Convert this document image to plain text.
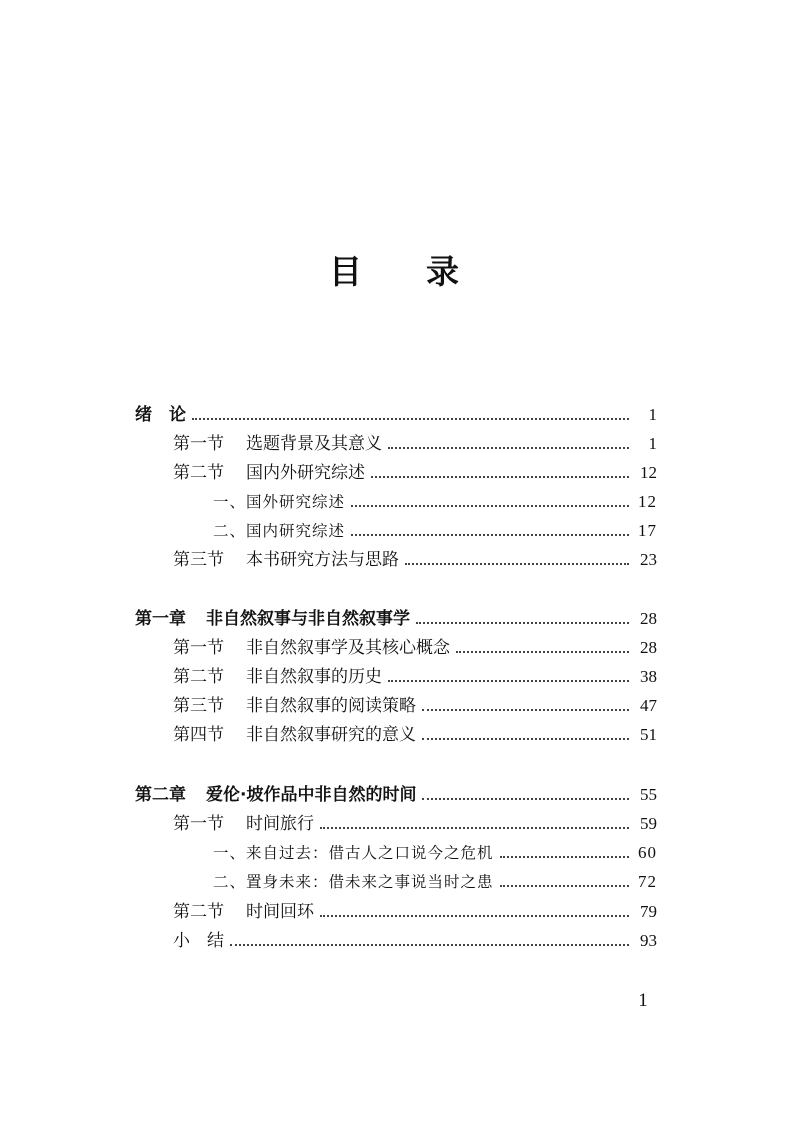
目 录
绪　论	1
第一节 选题背景及其意义	1
第二节 国内外研究综述	12
一、国外研究综述	12
二、国内研究综述	17
第三节 本书研究方法与思路	23
第一章 非自然叙事与非自然叙事学	28
第一节 非自然叙事学及其核心概念	28
第二节 非自然叙事的历史	38
第三节 非自然叙事的阅读策略	47
第四节 非自然叙事研究的意义	51
第二章 爱伦·坡作品中非自然的时间	55
第一节 时间旅行	59
一、来自过去：借古人之口说今之危机	60
二、置身未来：借未来之事说当时之患	72
第二节 时间回环	79
小　结	93
1
